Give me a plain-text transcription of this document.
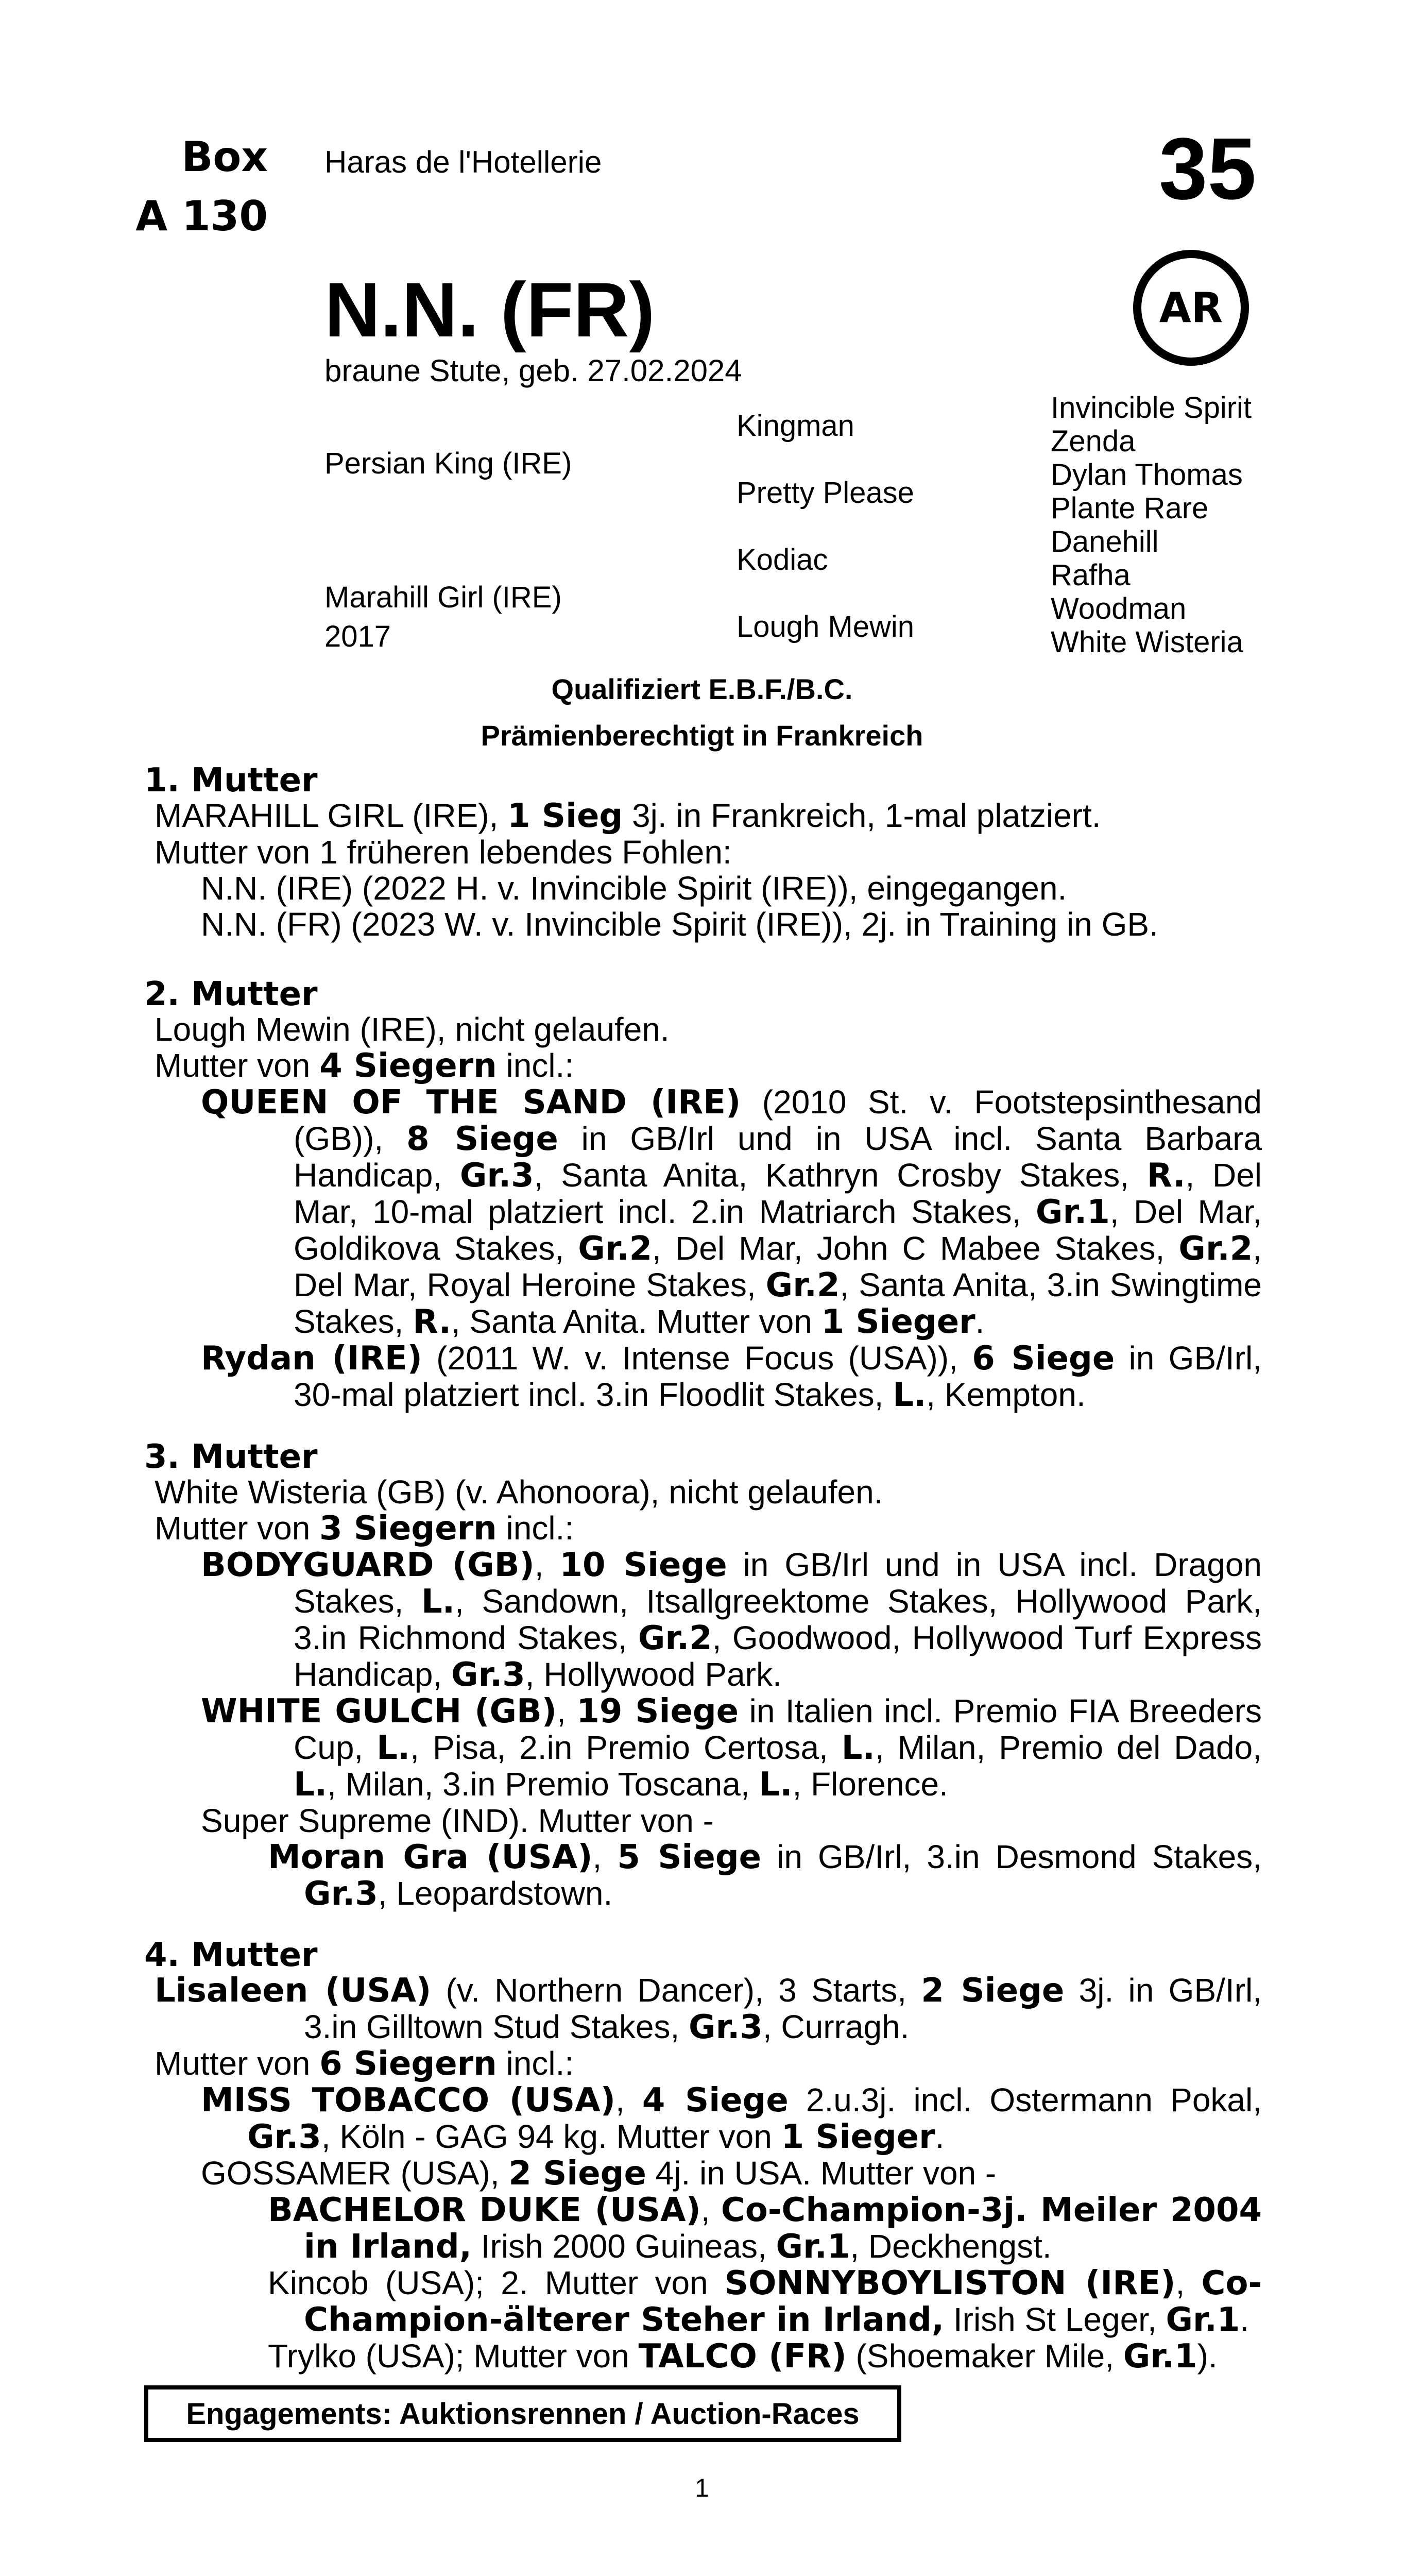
Box
A 130
Haras de l'Hotellerie	35
AR
N.N. (FR)
braune Stute, geb. 27.02.2024
Persian King (IRE)
Marahill Girl (IRE)
2017
Kingman
Pretty Please
Kodiac
Lough Mewin
Invincible Spirit
Zenda
Dylan Thomas
Plante Rare
Danehill
Rafha
Woodman
White Wisteria
Qualifiziert E.B.F./B.C.
Prämienberechtigt in Frankreich
1. Mutter
MARAHILL GIRL (IRE), 1 Sieg 3j. in Frankreich, 1-mal platziert.
Mutter von 1 früheren lebendes Fohlen:
N.N. (IRE) (2022 H. v. Invincible Spirit (IRE)), eingegangen.
N.N. (FR) (2023 W. v. Invincible Spirit (IRE)), 2j. in Training in GB.
2. Mutter
Lough Mewin (IRE), nicht gelaufen.
Mutter von 4 Siegern incl.:
QUEEN OF THE SAND (IRE) (2010 St. v. Footstepsinthesand (GB)), 8 Siege in GB/Irl und in USA incl. Santa Barbara Handicap, Gr.3, Santa Anita, Kathryn Crosby Stakes, R., Del Mar, 10-mal platziert incl. 2.in Matriarch Stakes, Gr.1, Del Mar, Goldikova Stakes, Gr.2, Del Mar, John C Mabee Stakes, Gr.2, Del Mar, Royal Heroine Stakes, Gr.2, Santa Anita, 3.in Swingtime Stakes, R., Santa Anita. Mutter von 1 Sieger.
Rydan (IRE) (2011 W. v. Intense Focus (USA)), 6 Siege in GB/Irl, 30-mal platziert incl. 3.in Floodlit Stakes, L., Kempton.
3. Mutter
White Wisteria (GB) (v. Ahonoora), nicht gelaufen.
Mutter von 3 Siegern incl.:
BODYGUARD (GB), 10 Siege in GB/Irl und in USA incl. Dragon Stakes, L., Sandown, Itsallgreektome Stakes, Hollywood Park, 3.in Richmond Stakes, Gr.2, Goodwood, Hollywood Turf Express Handicap, Gr.3, Hollywood Park.
WHITE GULCH (GB), 19 Siege in Italien incl. Premio FIA Breeders Cup, L., Pisa, 2.in Premio Certosa, L., Milan, Premio del Dado, L., Milan, 3.in Premio Toscana, L., Florence.
Super Supreme (IND). Mutter von -
Moran Gra (USA), 5 Siege in GB/Irl, 3.in Desmond Stakes, Gr.3, Leopardstown.
4. Mutter
Lisaleen (USA) (v. Northern Dancer), 3 Starts, 2 Siege 3j. in GB/Irl, 3.in Gilltown Stud Stakes, Gr.3, Curragh.
Mutter von 6 Siegern incl.:
MISS TOBACCO (USA), 4 Siege 2.u.3j. incl. Ostermann Pokal, Gr.3, Köln - GAG 94 kg. Mutter von 1 Sieger.
GOSSAMER (USA), 2 Siege 4j. in USA. Mutter von -
BACHELOR DUKE (USA), Co-Champion-3j. Meiler 2004 in Irland, Irish 2000 Guineas, Gr.1, Deckhengst.
Kincob (USA); 2. Mutter von SONNYBOYLISTON (IRE), Co-Champion-älterer Steher in Irland, Irish St Leger, Gr.1.
Trylko (USA); Mutter von TALCO (FR) (Shoemaker Mile, Gr.1).
Engagements: Auktionsrennen / Auction-Races
1
